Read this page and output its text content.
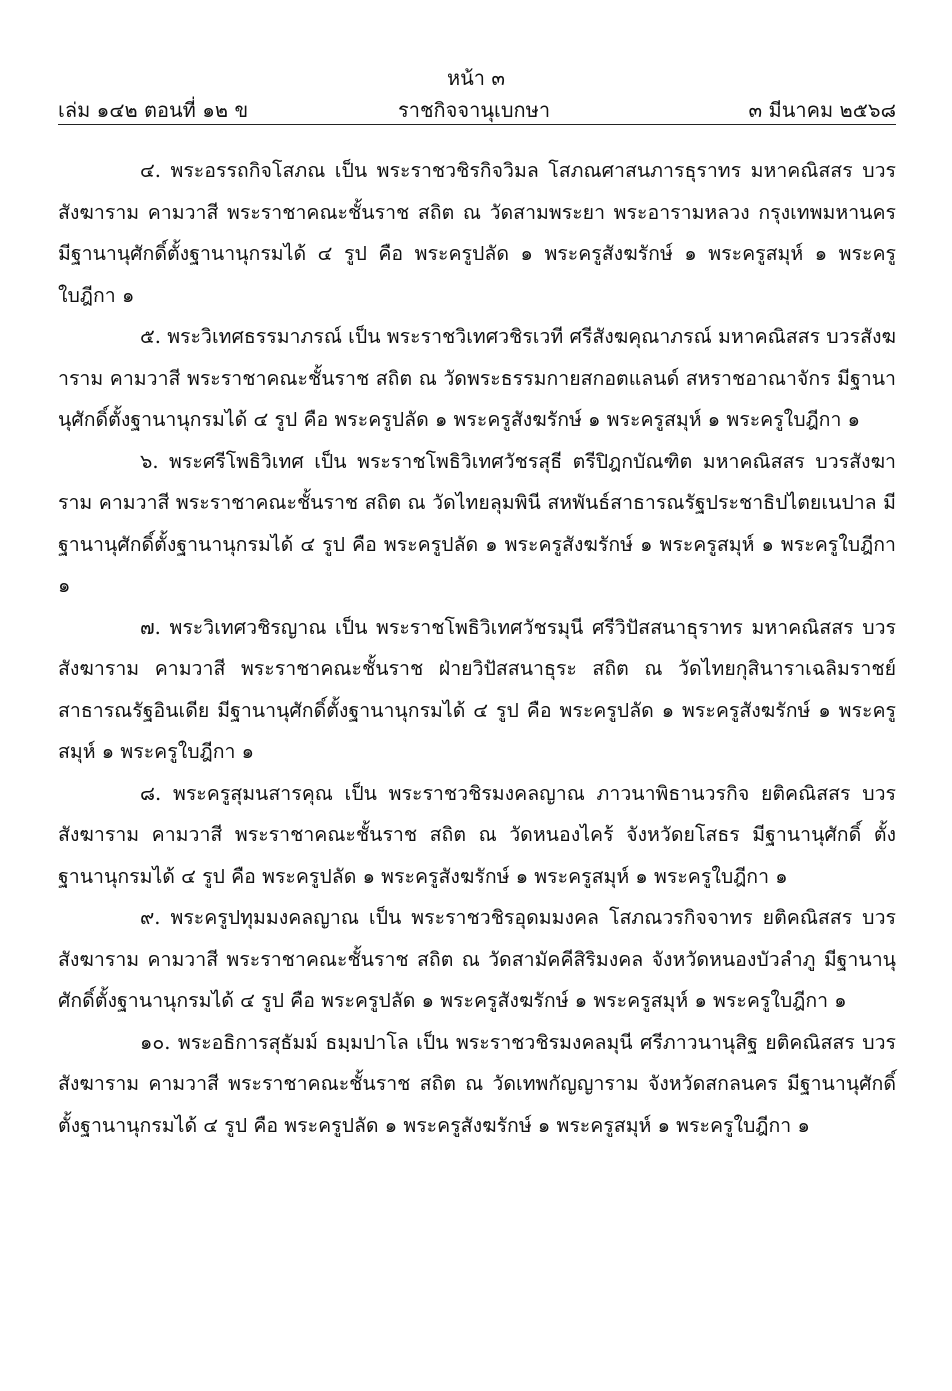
หน้า ๓
เล่ม ๑๔๒ ตอนที่ ๑๒ ข	ราชกิจจานุเบกษา	๓ มีนาคม ๒๕๖๘

๔. พระอรรถกิจโสภณ เป็น พระราชวชิรกิจวิมล โสภณศาสนภารธุราทร มหาคณิสสร บวรสังฆาราม คามวาสี พระราชาคณะชั้นราช สถิต ณ วัดสามพระยา พระอารามหลวง กรุงเทพมหานคร มีฐานานุศักดิ์ตั้งฐานานุกรมได้ ๔ รูป คือ พระครูปลัด ๑ พระครูสังฆรักษ์ ๑ พระครูสมุห์ ๑ พระครูใบฎีกา ๑

๕. พระวิเทศธรรมาภรณ์ เป็น พระราชวิเทศวชิรเวที ศรีสังฆคุณาภรณ์ มหาคณิสสร บวรสังฆาราม คามวาสี พระราชาคณะชั้นราช สถิต ณ วัดพระธรรมกายสกอตแลนด์ สหราชอาณาจักร มีฐานานุศักดิ์ตั้งฐานานุกรมได้ ๔ รูป คือ พระครูปลัด ๑ พระครูสังฆรักษ์ ๑ พระครูสมุห์ ๑ พระครูใบฎีกา ๑

๖. พระศรีโพธิวิเทศ เป็น พระราชโพธิวิเทศวัชรสุธี ตรีปิฎกบัณฑิต มหาคณิสสร บวรสังฆาราม คามวาสี พระราชาคณะชั้นราช สถิต ณ วัดไทยลุมพินี สหพันธ์สาธารณรัฐประชาธิปไตยเนปาล มีฐานานุศักดิ์ตั้งฐานานุกรมได้ ๔ รูป คือ พระครูปลัด ๑ พระครูสังฆรักษ์ ๑ พระครูสมุห์ ๑ พระครูใบฎีกา ๑

๗. พระวิเทศวชิรญาณ เป็น พระราชโพธิวิเทศวัชรมุนี ศรีวิปัสสนาธุราทร มหาคณิสสร บวรสังฆาราม คามวาสี พระราชาคณะชั้นราช ฝ่ายวิปัสสนาธุระ สถิต ณ วัดไทยกุสินาราเฉลิมราชย์ สาธารณรัฐอินเดีย มีฐานานุศักดิ์ตั้งฐานานุกรมได้ ๔ รูป คือ พระครูปลัด ๑ พระครูสังฆรักษ์ ๑ พระครูสมุห์ ๑ พระครูใบฎีกา ๑

๘. พระครูสุมนสารคุณ เป็น พระราชวชิรมงคลญาณ ภาวนาพิธานวรกิจ ยติคณิสสร บวรสังฆาราม คามวาสี พระราชาคณะชั้นราช สถิต ณ วัดหนองไคร้ จังหวัดยโสธร มีฐานานุศักดิ์ ตั้งฐานานุกรมได้ ๔ รูป คือ พระครูปลัด ๑ พระครูสังฆรักษ์ ๑ พระครูสมุห์ ๑ พระครูใบฎีกา ๑

๙. พระครูปทุมมงคลญาณ เป็น พระราชวชิรอุดมมงคล โสภณวรกิจจาทร ยติคณิสสร บวรสังฆาราม คามวาสี พระราชาคณะชั้นราช สถิต ณ วัดสามัคคีสิริมงคล จังหวัดหนองบัวลำภู มีฐานานุศักดิ์ตั้งฐานานุกรมได้ ๔ รูป คือ พระครูปลัด ๑ พระครูสังฆรักษ์ ๑ พระครูสมุห์ ๑ พระครูใบฎีกา ๑

๑๐. พระอธิการสุธัมม์ ธมฺมปาโล เป็น พระราชวชิรมงคลมุนี ศรีภาวนานุสิฐ ยติคณิสสร บวรสังฆาราม คามวาสี พระราชาคณะชั้นราช สถิต ณ วัดเทพกัญญาราม จังหวัดสกลนคร มีฐานานุศักดิ์ตั้งฐานานุกรมได้ ๔ รูป คือ พระครูปลัด ๑ พระครูสังฆรักษ์ ๑ พระครูสมุห์ ๑ พระครูใบฎีกา ๑
